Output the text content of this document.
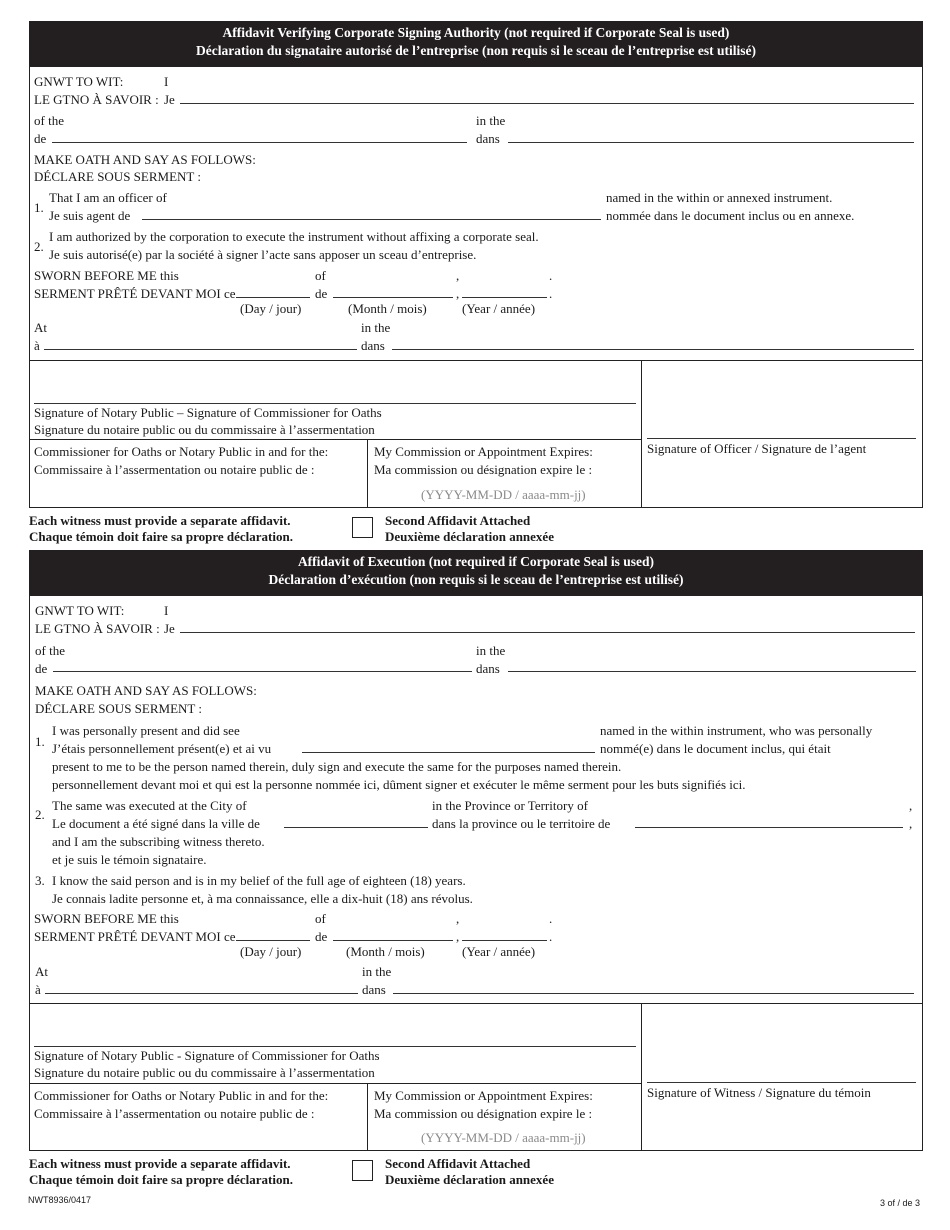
Affidavit Verifying Corporate Signing Authority (not required if Corporate Seal is used)
Déclaration du signataire autorisé de l’entreprise (non requis si le sceau de l’entreprise est utilisé)
GNWT TO WIT:
LE GTNO À SAVOIR :
I
Je
of the
de
in the
dans
MAKE OATH AND SAY AS FOLLOWS:
DÉCLARE SOUS SERMENT :
1.
That I am an officer of
Je suis agent de
named in the within or annexed instrument.
nommée dans le document inclus ou en annexe.
2.
I am authorized by the corporation to execute the instrument without affixing a corporate seal.
Je suis autorisé(e) par la société à signer l’acte sans apposer un sceau d’entreprise.
SWORN BEFORE ME this
SERMENT PRÊTÉ DEVANT MOI ce
of
de
,
,
.
.
(Day / jour)	(Month / mois)	(Year / année)
At
à
in the
dans
Signature of Notary Public – Signature of Commissioner for Oaths
Signature du notaire public ou du commissaire à l’assermentation
Commissioner for Oaths or Notary Public in and for the:
Commissaire à l’assermentation ou notaire public de :
My Commission or Appointment Expires:
Ma commission ou désignation expire le :
(YYYY-MM-DD / aaaa-mm-jj)
Signature of Officer / Signature de l’agent
Each witness must provide a separate affidavit.
Chaque témoin doit faire sa propre déclaration.
Second Affidavit Attached
Deuxième déclaration annexée
Affidavit of Execution (not required if Corporate Seal is used)
Déclaration d’exécution (non requis si le sceau de l’entreprise est utilisé)
GNWT TO WIT:
LE GTNO À SAVOIR :
I
Je
of the
de
in the
dans
MAKE OATH AND SAY AS FOLLOWS:
DÉCLARE SOUS SERMENT :
1.
I was personally present and did see
J’étais personnellement présent(e) et ai vu
named in the within instrument, who was personally
nommé(e) dans le document inclus, qui était
present to me to be the person named therein, duly sign and execute the same for the purposes named therein.
personnellement devant moi et qui est la personne nommée ici, dûment signer et exécuter le même serment pour les buts signifiés ici.
2.
The same was executed at the City of
Le document a été signé dans la ville de
in the Province or Territory of
dans la province ou le territoire de
,
,
and I am the subscribing witness thereto.
et je suis le témoin signataire.
3. I know the said person and is in my belief of the full age of eighteen (18) years.
Je connais ladite personne et, à ma connaissance, elle a dix-huit (18) ans révolus.
SWORN BEFORE ME this
SERMENT PRÊTÉ DEVANT MOI ce
of
de
,
,
.
.
(Day / jour)	(Month / mois)	(Year / année)
At
à
in the
dans
Signature of Notary Public - Signature of Commissioner for Oaths
Signature du notaire public ou du commissaire à l’assermentation
Commissioner for Oaths or Notary Public in and for the:
Commissaire à l’assermentation ou notaire public de :
My Commission or Appointment Expires:
Ma commission ou désignation expire le :
(YYYY-MM-DD / aaaa-mm-jj)
Signature of Witness / Signature du témoin
Each witness must provide a separate affidavit.
Chaque témoin doit faire sa propre déclaration.
Second Affidavit Attached
Deuxième déclaration annexée
NWT8936/0417	3 of / de 3
